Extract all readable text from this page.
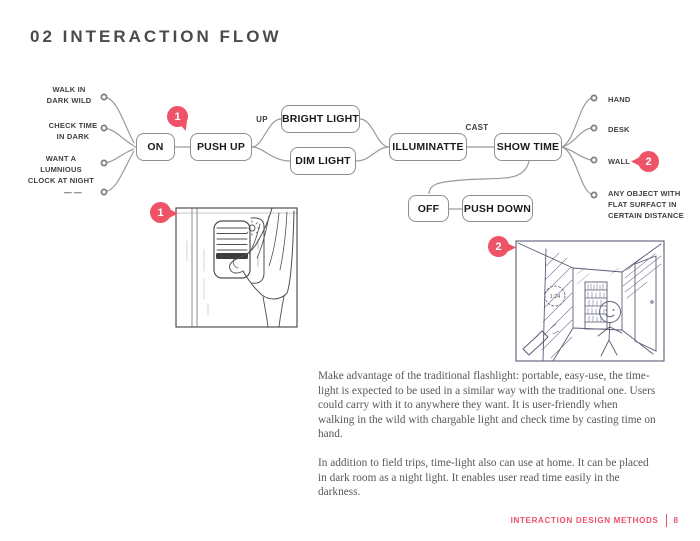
02 INTERACTION FLOW
ON	PUSH UP
BRIGHT LIGHT
DIM LIGHT
ILLUMINATTE	SHOW TIME
OFF	PUSH DOWN
UP
CAST
WALK IN
DARK WILD
CHECK TIME
IN DARK
WANT A LUMNIOUS
CLOCK AT NIGHT
— —
HAND
DESK
WALL
ANY OBJECT WITH
FLAT SURFACT IN
CERTAIN DISTANCE
1
2
1
2
1:24

Make advantage of the traditional flashlight: portable, easy-use, the time-light is expected to be used in a similar way with the traditional one. Users could carry with it to anywhere they want. It is user-friendly when walking in the wild with chargable light and check time by casting time on hand.

In addition to field trips, time-light also can use at home. It can be placed in dark room as a night light. It enables user read time easily in the darkness.

INTERACTION DESIGN METHODS 8
